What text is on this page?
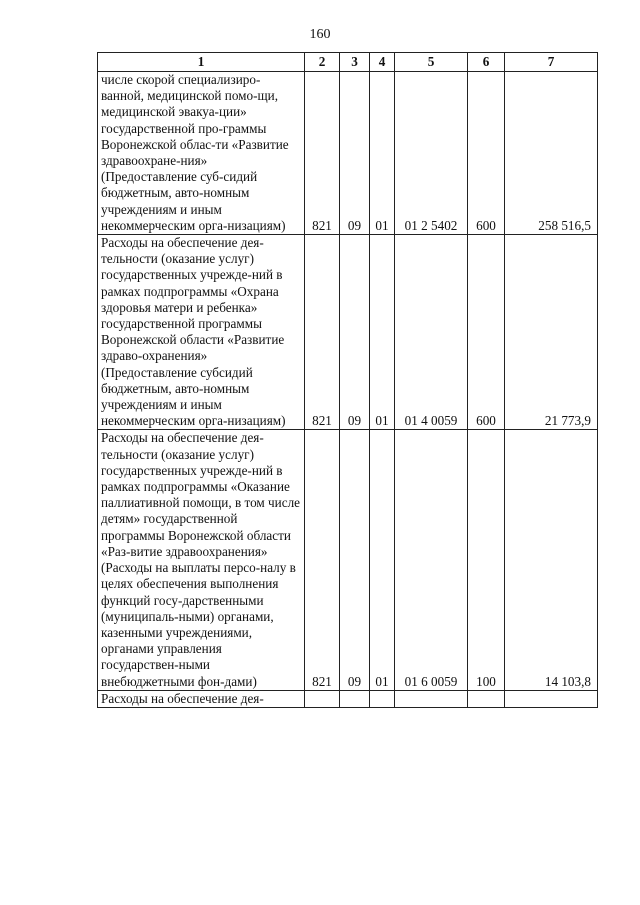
160
1	2	3	4	5	6	7
числе скорой специализиро-ванной, медицинской помо-щи, медицинской эвакуа-ции» государственной про-граммы Воронежской облас-ти «Развитие здравоохране-ния» (Предоставление суб-сидий бюджетным, авто-номным учреждениям и иным некоммерческим орга-низациям)	821	09	01	01 2 5402	600	258 516,5
Расходы на обеспечение дея-тельности (оказание услуг) государственных учрежде-ний в рамках подпрограммы «Охрана здоровья матери и ребенка» государственной программы Воронежской области «Развитие здраво-охранения» (Предоставление субсидий бюджетным, авто-номным учреждениям и иным некоммерческим орга-низациям)	821	09	01	01 4 0059	600	21 773,9
Расходы на обеспечение дея-тельности (оказание услуг) государственных учрежде-ний в рамках подпрограммы «Оказание паллиативной помощи, в том числе детям» государственной программы Воронежской области «Раз-витие здравоохранения» (Расходы на выплаты персо-налу в целях обеспечения выполнения функций госу-дарственными (муниципаль-ными) органами, казенными учреждениями, органами управления государствен-ными внебюджетными фон-дами)	821	09	01	01 6 0059	100	14 103,8
Расходы на обеспечение дея-						
